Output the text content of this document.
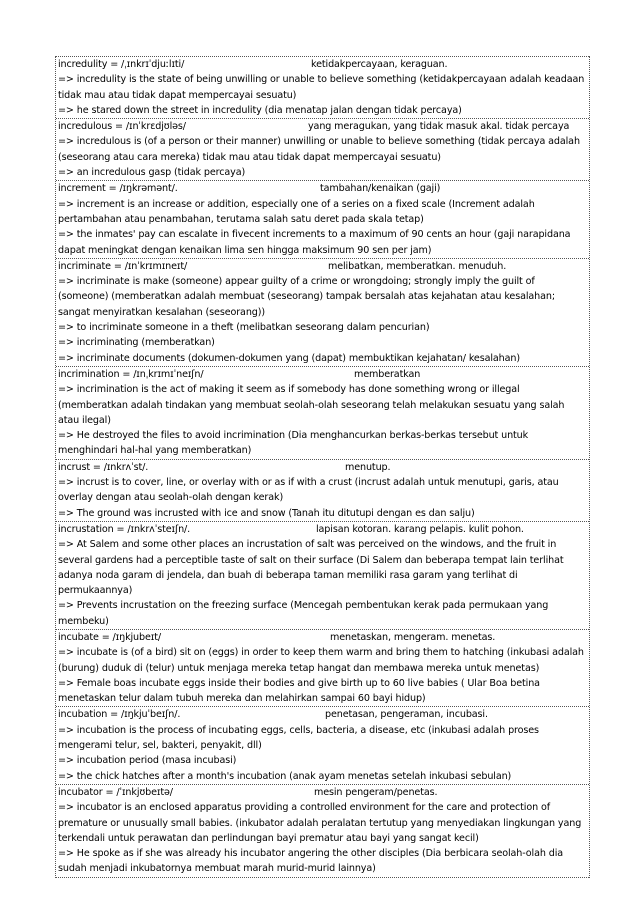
incredulity = /ˌɪnkrɪˈdjuːlɪti/	ketidakpercayaan, keraguan.
=> incredulity is the state of being unwilling or unable to believe something (ketidakpercayaan adalah keadaan tidak mau atau tidak dapat mempercayai sesuatu)
=> he stared down the street in incredulity (dia menatap jalan dengan tidak percaya)
incredulous = /ɪnˈkrɛdjʊləs/	yang meragukan, yang tidak masuk akal. tidak percaya
=> incredulous is (of a person or their manner) unwilling or unable to believe something (tidak percaya adalah (seseorang atau cara mereka) tidak mau atau tidak dapat mempercayai sesuatu)
=> an incredulous gasp (tidak percaya)
increment = /ɪŋkrəmənt/.	tambahan/kenaikan (gaji)
=> increment is an increase or addition, especially one of a series on a fixed scale (Increment adalah pertambahan atau penambahan, terutama salah satu deret pada skala tetap)
=> the inmates' pay can escalate in fivecent increments to a maximum of 90 cents an hour (gaji narapidana dapat meningkat dengan kenaikan lima sen hingga maksimum 90 sen per jam)
incriminate = /ɪnˈkrɪmɪneɪt/	melibatkan, memberatkan. menuduh.
=> incriminate is make (someone) appear guilty of a crime or wrongdoing; strongly imply the guilt of (someone) (memberatkan adalah membuat (seseorang) tampak bersalah atas kejahatan atau kesalahan; sangat menyiratkan kesalahan (seseorang))
=> to incriminate someone in a theft (melibatkan seseorang dalam pencurian)
=> incriminating (memberatkan)
=> incriminate documents (dokumen-dokumen yang (dapat) membuktikan kejahatan/ kesalahan)
incrimination = /ɪnˌkrɪmɪˈneɪʃn/	memberatkan
=> incrimination is the act of making it seem as if somebody has done something wrong or illegal (memberatkan adalah tindakan yang membuat seolah-olah seseorang telah melakukan sesuatu yang salah atau ilegal)
=> He destroyed the files to avoid incrimination (Dia menghancurkan berkas-berkas tersebut untuk menghindari hal-hal yang memberatkan)
incrust = /ɪnkrʌˈst/.	menutup.
=> incrust is to cover, line, or overlay with or as if with a crust (incrust adalah untuk menutupi, garis, atau overlay dengan atau seolah-olah dengan kerak)
=> The ground was incrusted with ice and snow (Tanah itu ditutupi dengan es dan salju)
incrustation = /ɪnkrʌˈsteɪʃn/.	lapisan kotoran. karang pelapis. kulit pohon.
=> At Salem and some other places an incrustation of salt was perceived on the windows, and the fruit in several gardens had a perceptible taste of salt on their surface (Di Salem dan beberapa tempat lain terlihat adanya noda garam di jendela, dan buah di beberapa taman memiliki rasa garam yang terlihat di permukaannya)
=> Prevents incrustation on the freezing surface (Mencegah pembentukan kerak pada permukaan yang membeku)
incubate = /ɪŋkjubeɪt/	menetaskan, mengeram. menetas.
=> incubate is (of a bird) sit on (eggs) in order to keep them warm and bring them to hatching (inkubasi adalah (burung) duduk di (telur) untuk menjaga mereka tetap hangat dan membawa mereka untuk menetas)
=> Female boas incubate eggs inside their bodies and give birth up to 60 live babies ( Ular Boa betina menetaskan telur dalam tubuh mereka dan melahirkan sampai 60 bayi hidup)
incubation = /ɪŋkjuˈbeɪʃn/.	penetasan, pengeraman, incubasi.
=> incubation is the process of incubating eggs, cells, bacteria, a disease, etc (inkubasi adalah proses mengerami telur, sel, bakteri, penyakit, dll)
=> incubation period (masa incubasi)
=> the chick hatches after a month's incubation (anak ayam menetas setelah inkubasi sebulan)
incubator = /ˈɪnkjʊbeɪtə/	mesin pengeram/penetas.
=> incubator is an enclosed apparatus providing a controlled environment for the care and protection of premature or unusually small babies. (inkubator adalah peralatan tertutup yang menyediakan lingkungan yang terkendali untuk perawatan dan perlindungan bayi prematur atau bayi yang sangat kecil)
=> He spoke as if she was already his incubator angering the other disciples (Dia berbicara seolah-olah dia sudah menjadi inkubatornya membuat marah murid-murid lainnya)
